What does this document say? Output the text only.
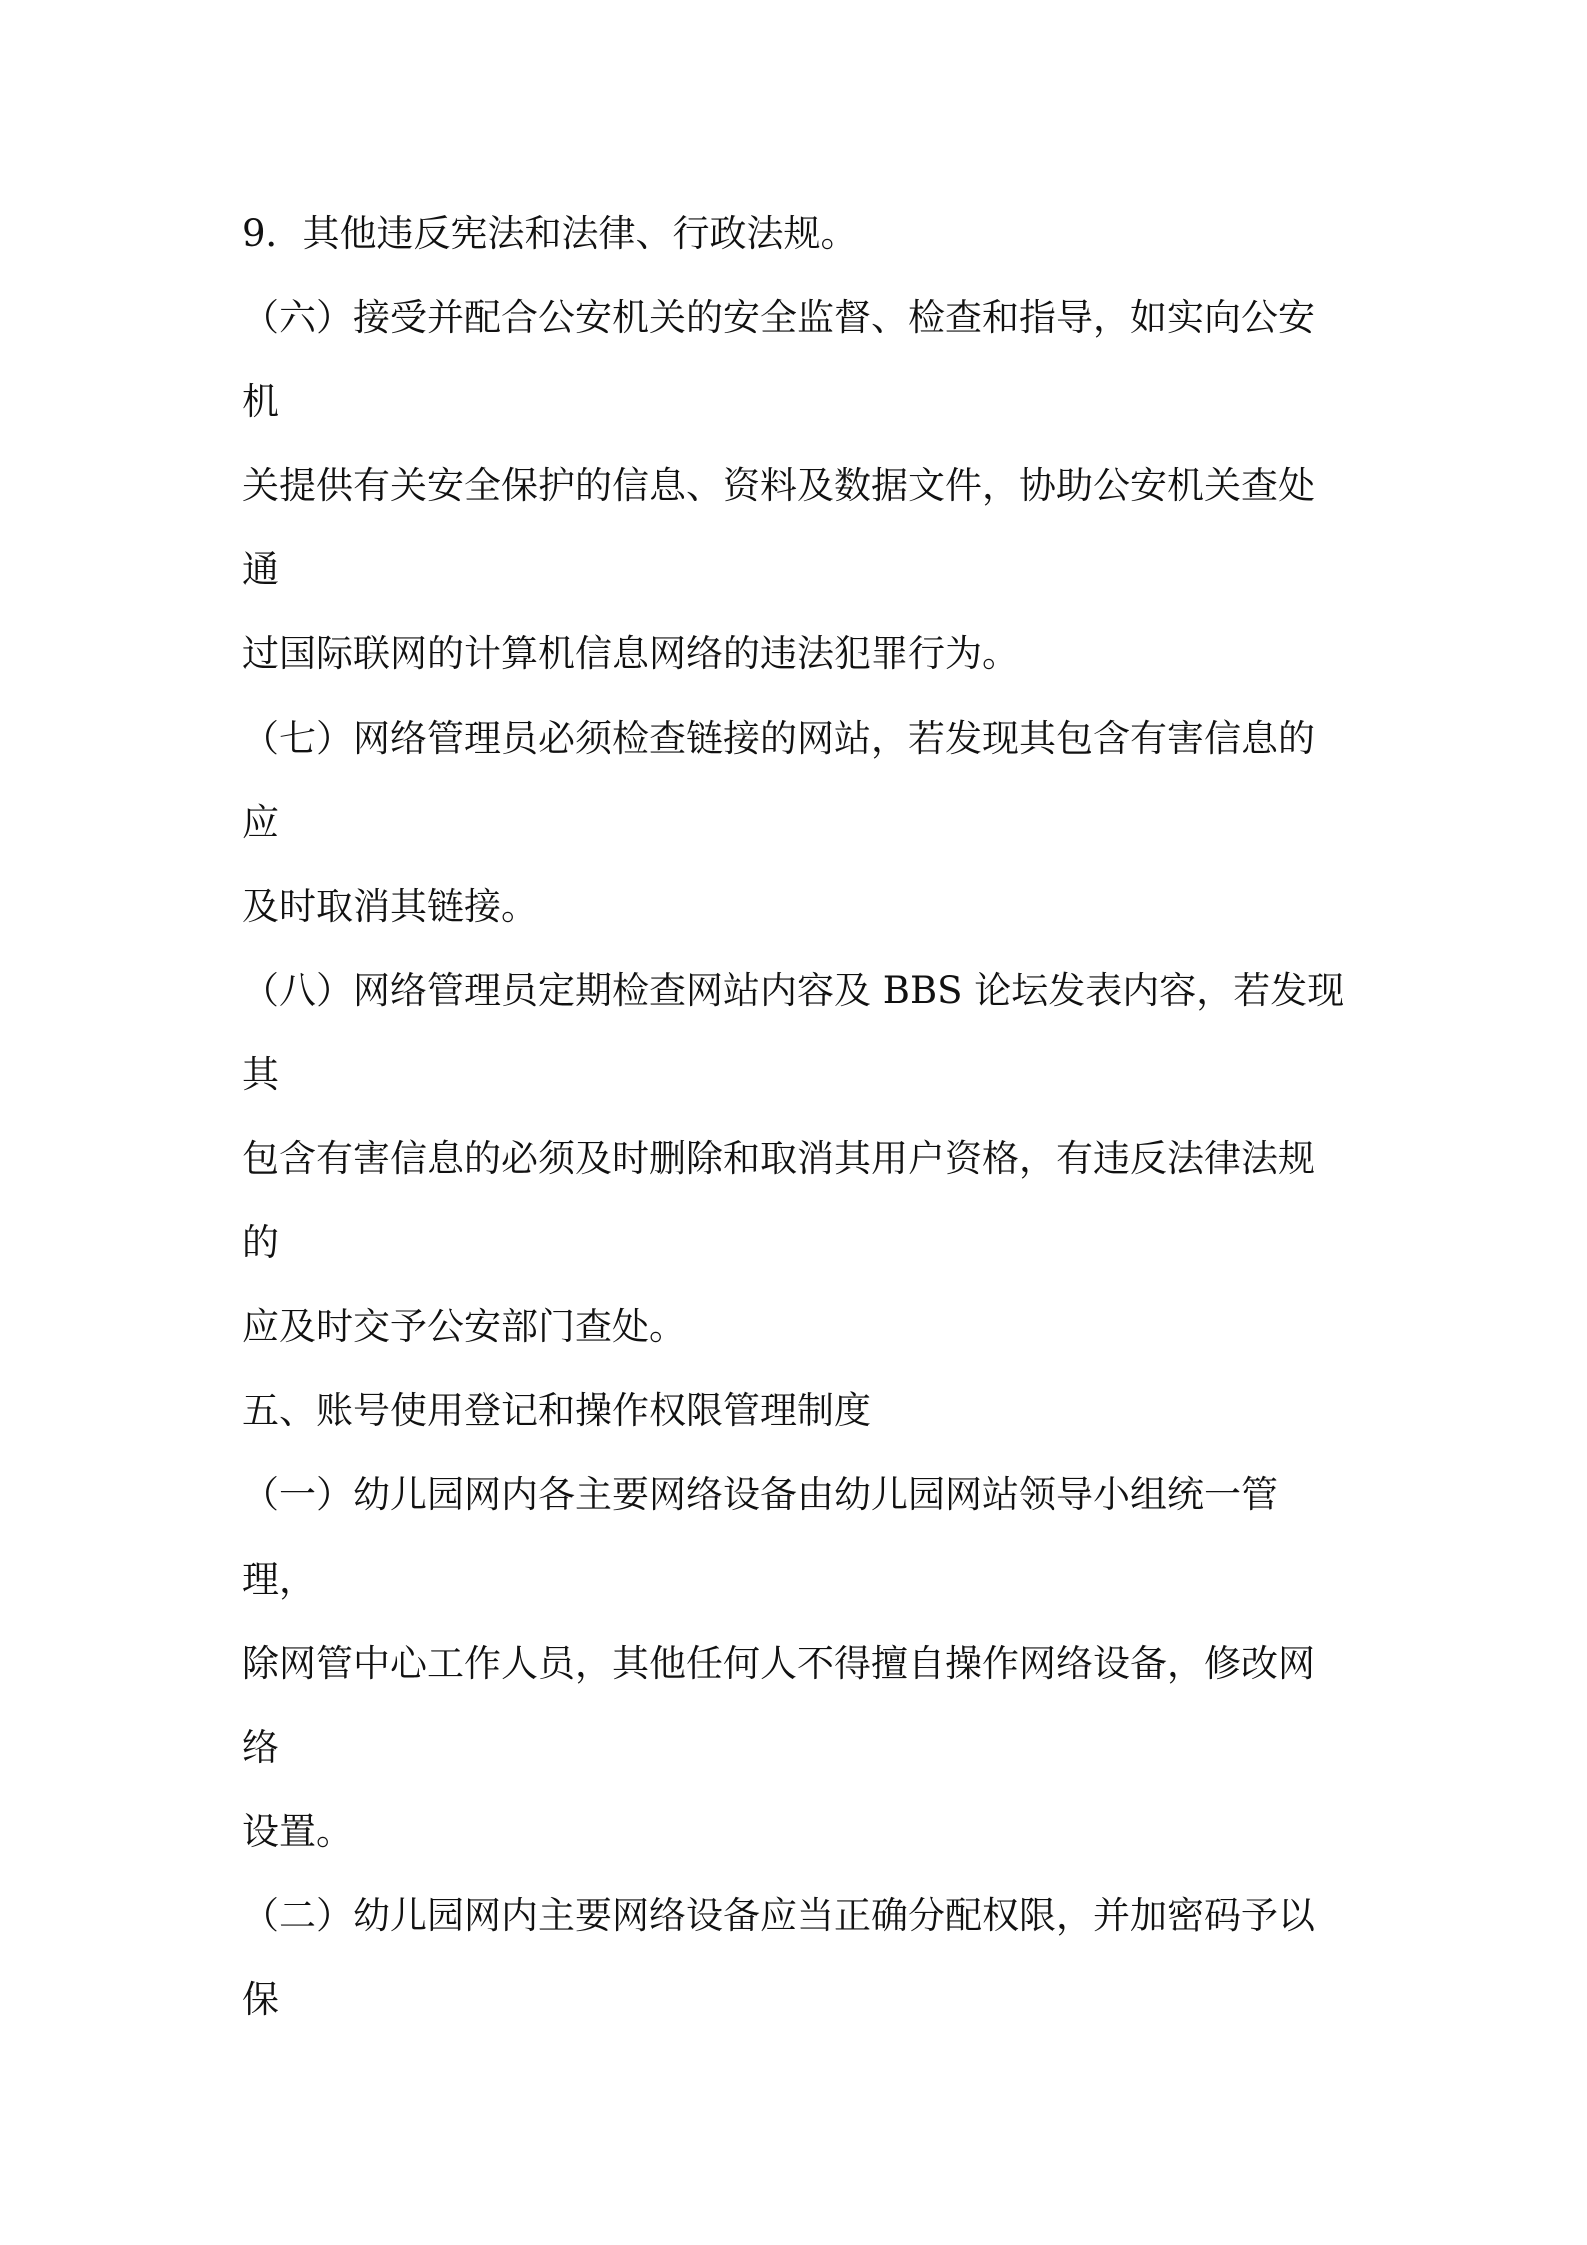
9．其他违反宪法和法律、行政法规。
（六）接受并配合公安机关的安全监督、检查和指导，如实向公安
机
关提供有关安全保护的信息、资料及数据文件，协助公安机关查处
通
过国际联网的计算机信息网络的违法犯罪行为。
（七）网络管理员必须检查链接的网站，若发现其包含有害信息的
应
及时取消其链接。
（八）网络管理员定期检查网站内容及 BBS 论坛发表内容，若发现
其
包含有害信息的必须及时删除和取消其用户资格，有违反法律法规
的
应及时交予公安部门查处。
五、账号使用登记和操作权限管理制度
（一）幼儿园网内各主要网络设备由幼儿园网站领导小组统一管
理，
除网管中心工作人员，其他任何人不得擅自操作网络设备，修改网
络
设置。
（二）幼儿园网内主要网络设备应当正确分配权限，并加密码予以
保
